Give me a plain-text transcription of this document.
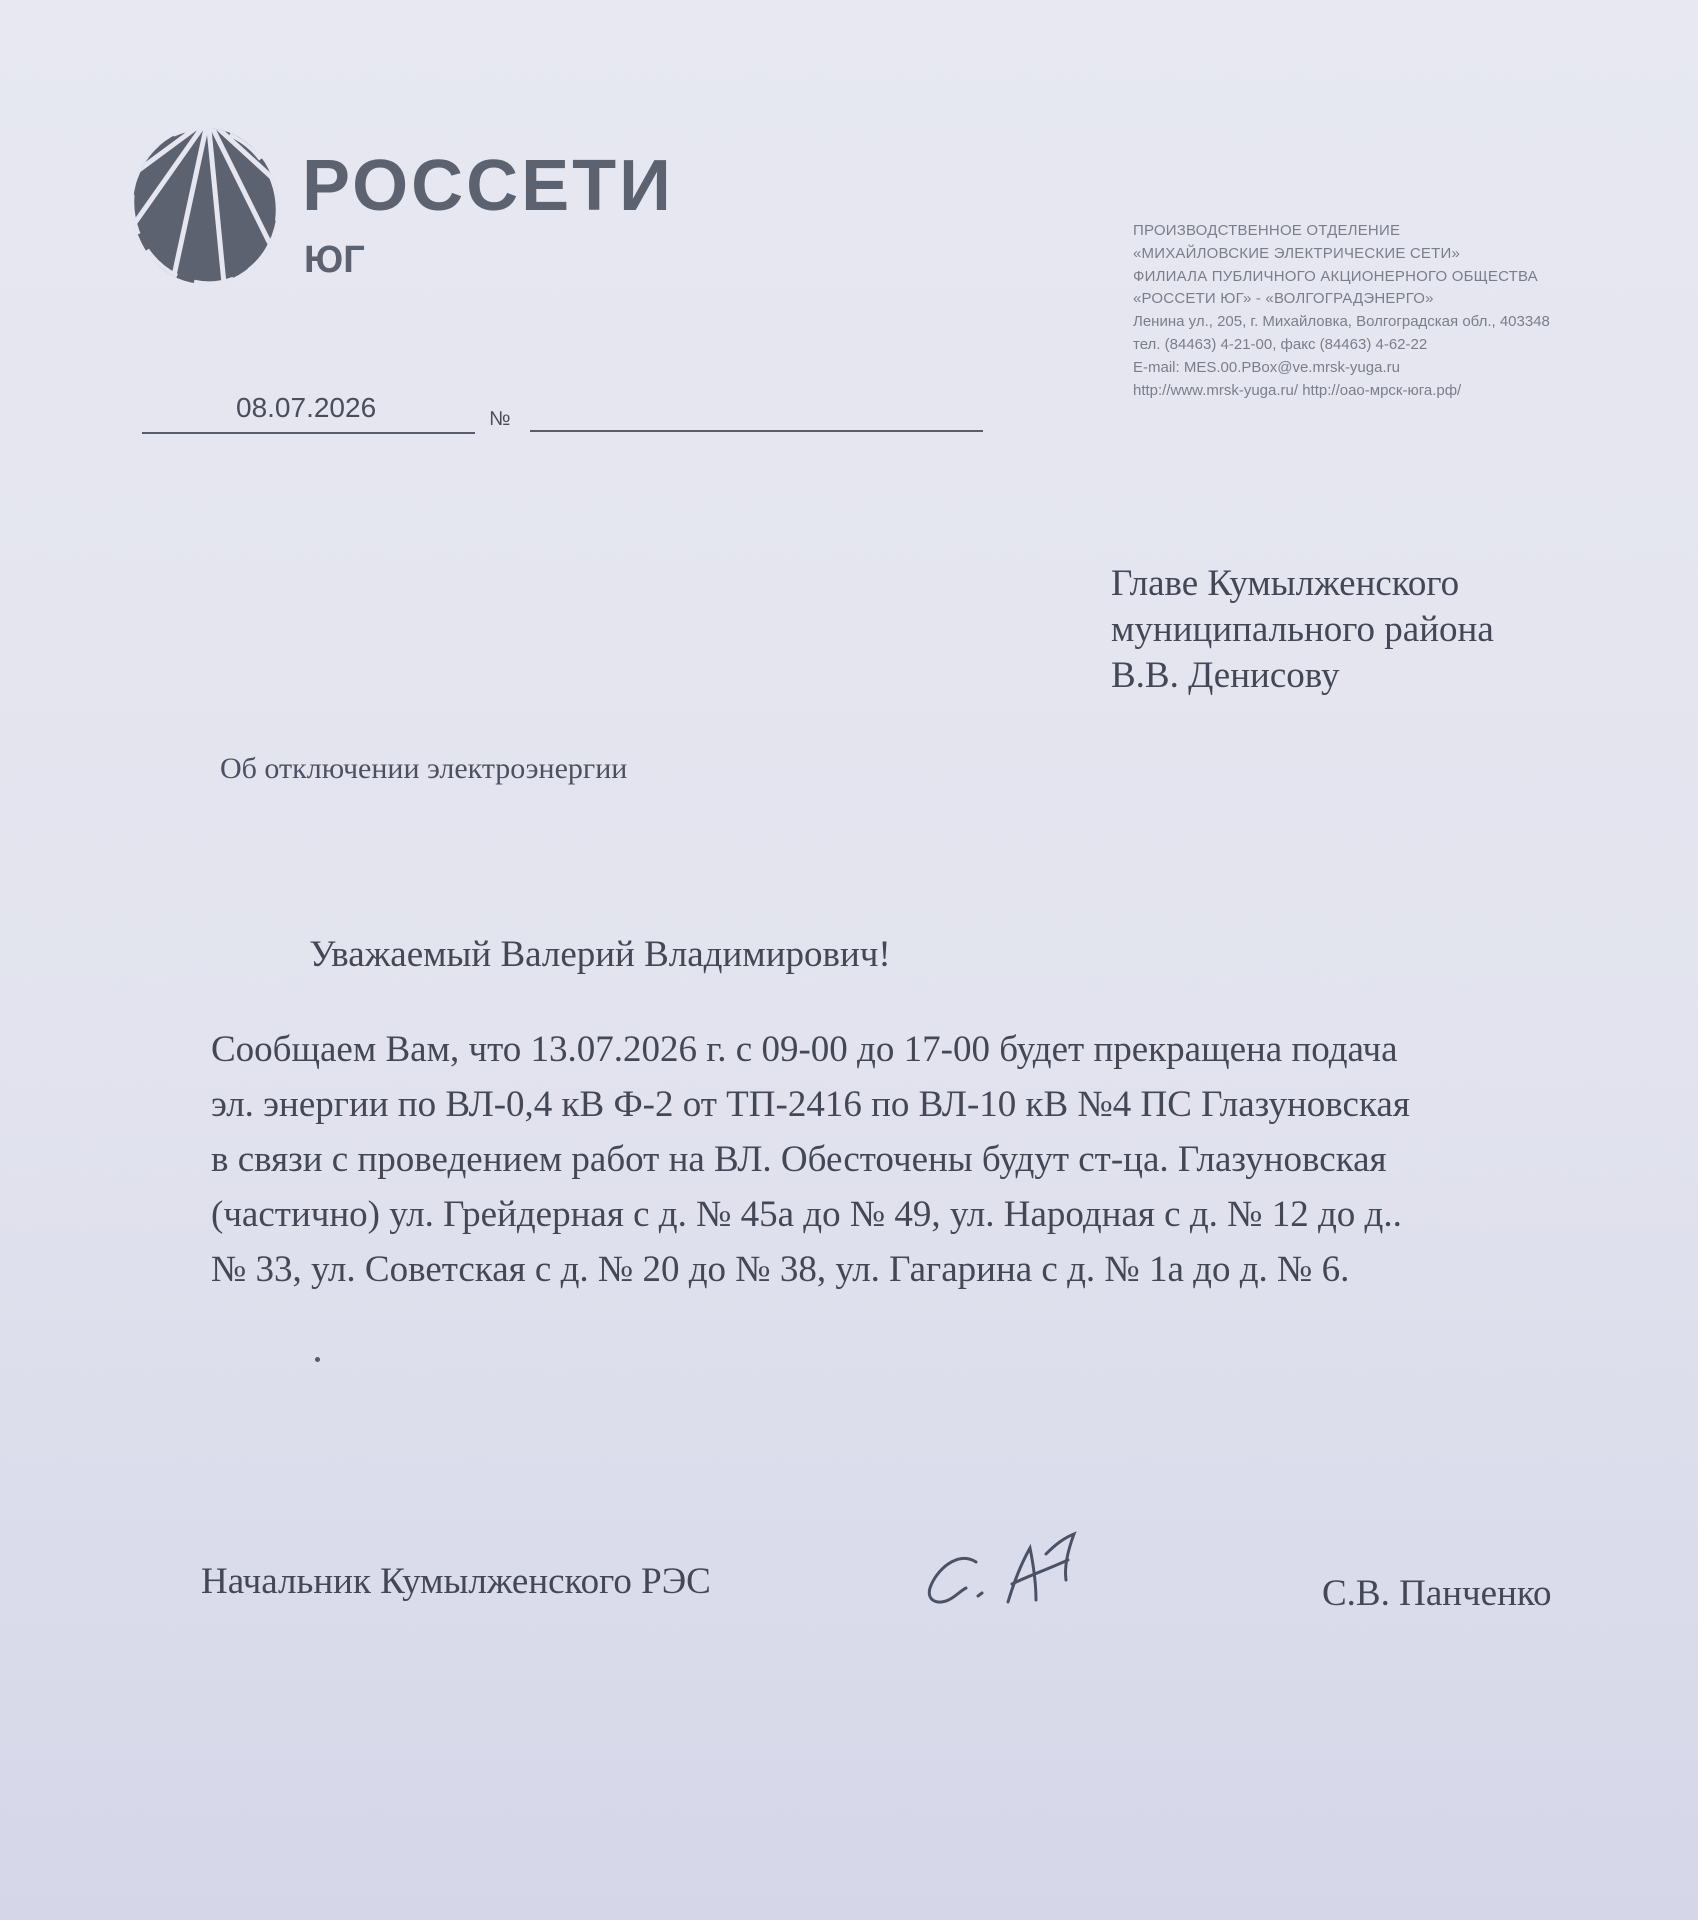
РОССЕТИ
ЮГ
ПРОИЗВОДСТВЕННОЕ ОТДЕЛЕНИЕ
«МИХАЙЛОВСКИЕ ЭЛЕКТРИЧЕСКИЕ СЕТИ»
ФИЛИАЛА ПУБЛИЧНОГО АКЦИОНЕРНОГО ОБЩЕСТВА
«РОССЕТИ ЮГ» - «ВОЛГОГРАДЭНЕРГО»
Ленина ул., 205, г. Михайловка, Волгоградская обл., 403348
тел. (84463) 4-21-00, факс (84463) 4-62-22
E-mail: MES.00.PBox@ve.mrsk-yuga.ru
http://www.mrsk-yuga.ru/ http://оао-мрск-юга.рф/
08.07.2026	№
Главе Кумылженского
муниципального района
В.В. Денисову
Об отключении электроэнергии
Уважаемый Валерий Владимирович!
Сообщаем Вам, что 13.07.2026 г. с 09-00 до 17-00 будет прекращена подача
эл. энергии по ВЛ-0,4 кВ Ф-2 от ТП-2416 по ВЛ-10 кВ №4 ПС Глазуновская
в связи с проведением работ на ВЛ. Обесточены будут ст-ца. Глазуновская
(частично) ул. Грейдерная с д. № 45а до № 49, ул. Народная с д. № 12 до д..
№ 33, ул. Советская с д. № 20 до № 38, ул. Гагарина с д. № 1а до д. № 6.
Начальник Кумылженского РЭС	С.В. Панченко
